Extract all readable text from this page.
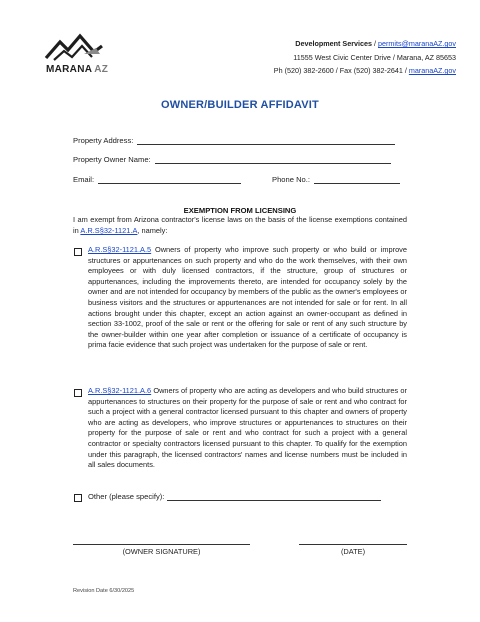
MARANA AZ
Development Services / permits@maranaAZ.gov
11555 West Civic Center Drive / Marana, AZ 85653
Ph (520) 382-2600 / Fax (520) 382-2641 / maranaAZ.gov
OWNER/BUILDER AFFIDAVIT
Property Address:
Property Owner Name:
Email:	Phone No.:
EXEMPTION FROM LICENSING
I am exempt from Arizona contractor's license laws on the basis of the license exemptions contained in A.R.S§32-1121.A, namely:
A.R.S§32-1121.A.5 Owners of property who improve such property or who build or improve structures or appurtenances on such property and who do the work themselves, with their own employees or with duly licensed contractors, if the structure, group of structures or appurtenances, including the improvements thereto, are intended for occupancy solely by the owner and are not intended for occupancy by members of the public as the owner's employees or business visitors and the structures or appurtenances are not intended for sale or for rent. In all actions brought under this chapter, except an action against an owner-occupant as defined in section 33-1002, proof of the sale or rent or the offering for sale or rent of any such structure by the owner-builder within one year after completion or issuance of a certificate of occupancy is prima facie evidence that such project was undertaken for the purpose of sale or rent.
A.R.S§32-1121.A.6 Owners of property who are acting as developers and who build structures or appurtenances to structures on their property for the purpose of sale or rent and who contract for such a project with a general contractor licensed pursuant to this chapter and owners of property who are acting as developers, who improve structures or appurtenances to structures on their property for the purpose of sale or rent and who contract for such a project with a general contractor or specialty contractors licensed pursuant to this chapter. To qualify for the exemption under this paragraph, the licensed contractors' names and license numbers must be included in all sales documents.
Other (please specify):
(OWNER SIGNATURE)	(DATE)
Revision Date 6/30/2025
